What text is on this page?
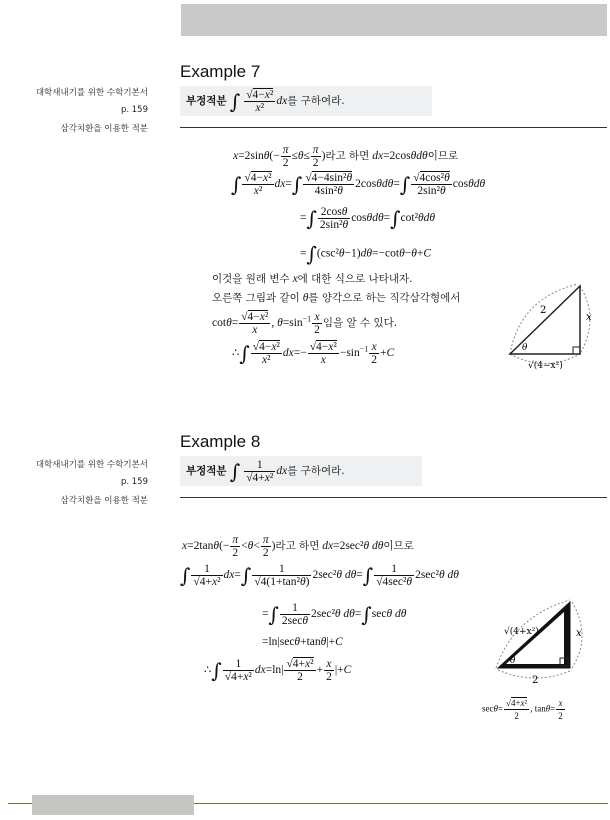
대학새내기를 위한 수학기본서
p. 159
삼각치환을 이용한 적분
Example 7
부정적분 ∫ $\frac{\text{√4−x²}}{\text{x²}}$ dx를 구하여라.
$x=2\sin\theta(- \frac{\pi}{2} \le\theta\le \frac{\pi}{2}$ )라고 하면 dx=2cosθdθ이므로
∫ $\frac{\text{√4−x²}}{\text{x²}} dx=\int \frac{\text{√4−4sin²θ}}{\text{4sin²θ}} 2\cos\theta d\theta=\int \frac{\text{√4cos²θ}}{\text{2sin²θ}}$ cosθdθ
=∫ $\frac{2\cos\theta}{\text{2sin²θ}} \cos\theta d\theta=\int\cot^2\theta d\theta$
=∫(csc²θ−1)dθ=−cotθ−θ+C
이것을 원래 변수 x에 대한 식으로 나타내자.
오른쪽 그림과 같이 θ를 양각으로 하는 직각삼각형에서
$\cot\theta= \frac{\text{√4−x²}}{x}$ , $\theta=\sin^{-1} \frac{x}{2}$ 임을 알 수 있다.
∴∫ $\frac{\text{√4−x²}}{\text{x²}} dx=- \frac{\text{√4−x²}}{x} -\sin^{-1} \frac{x}{2} +C$
2
x
√(4−x²)
θ
대학새내기를 위한 수학기본서
p. 159
삼각치환을 이용한 적분
Example 8
부정적분 ∫ $\frac{1}{\text{√4+x²}}$ dx를 구하여라.
$x=2\tan\theta(- \frac{\pi}{2} <\theta< \frac{\pi}{2}$ )라고 하면 dx=2sec²θ dθ이므로
∫ $\frac{1}{\text{√4+x²}} dx=\int \frac{1}{\text{√4(1+tan²θ)}} 2\sec^2\theta$ dθ=∫	1
√4sec²θ
2sec²θ dθ
=∫	1
2secθ
2sec²θ dθ=∫secθ dθ
=ln|secθ+tanθ|+C
∴∫ $\frac{1}{\text{√4+x²}} dx=\ln| \frac{\text{√4+x²}}{2} + \frac{x}{2} |+C$
√(4+x²)	x
2
θ
$\sec\theta= \frac{\text{√4+x²}}{2}$ , $\tan\theta= \frac{x}{2}$
